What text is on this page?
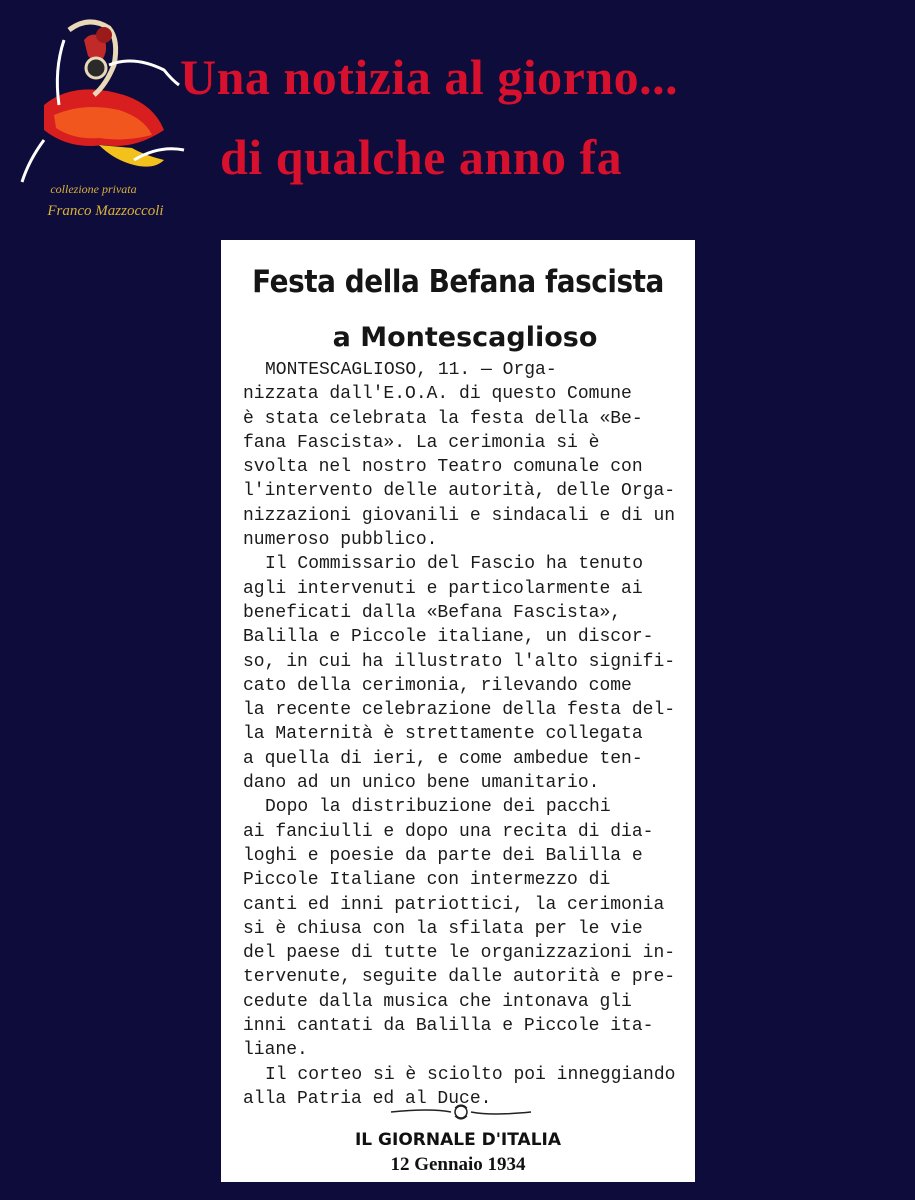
collezione privata
Franco Mazzoccoli
Una notizia al giorno...
di qualche anno fa
Festa della Befana fascista
a Montescaglioso
MONTESCAGLIOSO, 11. — Orga-
nizzata dall'E.O.A. di questo Comune
è stata celebrata la festa della «Be-
fana Fascista». La cerimonia si è
svolta nel nostro Teatro comunale con
l'intervento delle autorità, delle Orga-
nizzazioni giovanili e sindacali e di un
numeroso pubblico.
Il Commissario del Fascio ha tenuto
agli intervenuti e particolarmente ai
beneficati dalla «Befana Fascista»,
Balilla e Piccole italiane, un discor-
so, in cui ha illustrato l'alto signifi-
cato della cerimonia, rilevando come
la recente celebrazione della festa del-
la Maternità è strettamente collegata
a quella di ieri, e come ambedue ten-
dano ad un unico bene umanitario.
Dopo la distribuzione dei pacchi
ai fanciulli e dopo una recita di dia-
loghi e poesie da parte dei Balilla e
Piccole Italiane con intermezzo di
canti ed inni patriottici, la cerimonia
si è chiusa con la sfilata per le vie
del paese di tutte le organizzazioni in-
tervenute, seguite dalle autorità e pre-
cedute dalla musica che intonava gli
inni cantati da Balilla e Piccole ita-
liane.
Il corteo si è sciolto poi inneggiando
alla Patria ed al Duce.
IL GIORNALE D'ITALIA
12 Gennaio 1934
